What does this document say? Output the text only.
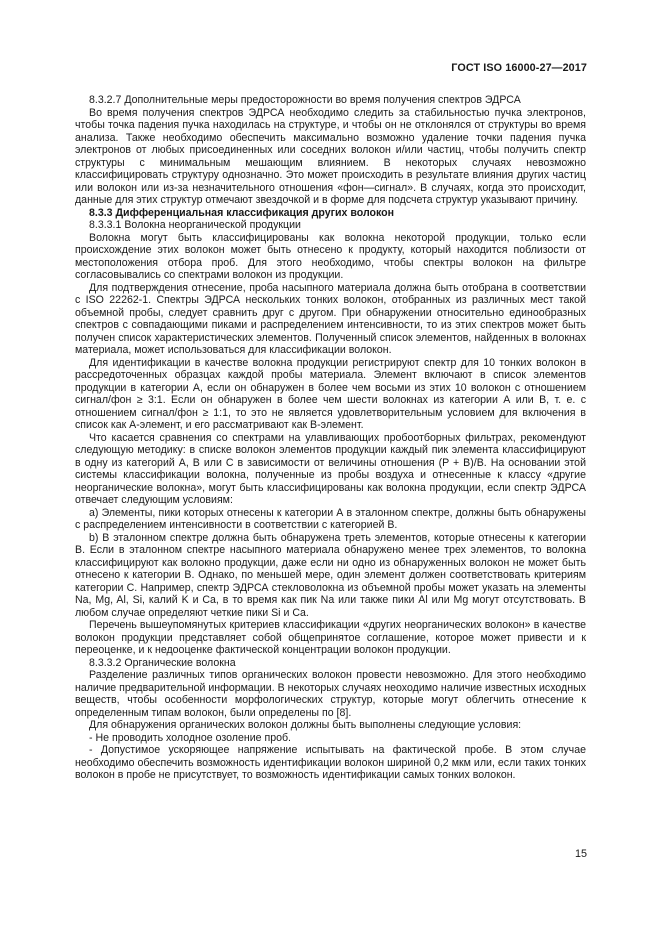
ГОСТ ISO 16000-27—2017

8.3.2.7 Дополнительные меры предосторожности во время получения спектров ЭДРСА

Во время получения спектров ЭДРСА необходимо следить за стабильностью пучка электронов, чтобы точка падения пучка находилась на структуре, и чтобы он не отклонялся от структуры во время анализа. Также необходимо обеспечить максимально возможно удаление точки падения пучка электронов от любых присоединенных или соседних волокон и/или частиц, чтобы получить спектр структуры с минимальным мешающим влиянием. В некоторых случаях невозможно классифицировать структуру однозначно. Это может происходить в результате влияния других частиц или волокон или из-за незначительного отношения «фон—сигнал». В случаях, когда это происходит, данные для этих структур отмечают звездочкой и в форме для подсчета структур указывают причину.

8.3.3 Дифференциальная классификация других волокон

8.3.3.1 Волокна неорганической продукции

Волокна могут быть классифицированы как волокна некоторой продукции, только если происхождение этих волокон может быть отнесено к продукту, который находится поблизости от местоположения отбора проб. Для этого необходимо, чтобы спектры волокон на фильтре согласовывались со спектрами волокон из продукции.

Для подтверждения отнесение, проба насыпного материала должна быть отобрана в соответствии с ISO 22262-1. Спектры ЭДРСА нескольких тонких волокон, отобранных из различных мест такой объемной пробы, следует сравнить друг с другом. При обнаружении относительно единообразных спектров с совпадающими пиками и распределением интенсивности, то из этих спектров может быть получен список характеристических элементов. Полученный список элементов, найденных в волокнах материала, может использоваться для классификации волокон.

Для идентификации в качестве волокна продукции регистрируют спектр для 10 тонких волокон в рассредоточенных образцах каждой пробы материала. Элемент включают в список элементов продукции в категории А, если он обнаружен в более чем восьми из этих 10 волокон с отношением сигнал/фон ≥ 3:1. Если он обнаружен в более чем шести волокнах из категории А или В, т. е. с отношением сигнал/фон ≥ 1:1, то это не является удовлетворительным условием для включения в список как А-элемент, и его рассматривают как В-элемент.

Что касается сравнения со спектрами на улавливающих пробоотборных фильтрах, рекомендуют следующую методику: в списке волокон элементов продукции каждый пик элемента классифицируют в одну из категорий А, В или С в зависимости от величины отношения (P + B)/B. На основании этой системы классификации волокна, полученные из пробы воздуха и отнесенные к классу «другие неорганические волокна», могут быть классифицированы как волокна продукции, если спектр ЭДРСА отвечает следующим условиям:

а) Элементы, пики которых отнесены к категории А в эталонном спектре, должны быть обнаружены с распределением интенсивности в соответствии с категорией В.

b) В эталонном спектре должна быть обнаружена треть элементов, которые отнесены к категории В. Если в эталонном спектре насыпного материала обнаружено менее трех элементов, то волокна классифицируют как волокно продукции, даже если ни одно из обнаруженных волокон не может быть отнесено к категории В. Однако, по меньшей мере, один элемент должен соответствовать критериям категории С. Например, спектр ЭДРСА стекловолокна из объемной пробы может указать на элементы Na, Mg, Al, Si, калий K и Ca, в то время как пик Na или также пики Al или Mg могут отсутствовать. В любом случае определяют четкие пики Si и Ca.

Перечень вышеупомянутых критериев классификации «других неорганических волокон» в качестве волокон продукции представляет собой общепринятое соглашение, которое может привести и к переоценке, и к недооценке фактической концентрации волокон продукции.

8.3.3.2 Органические волокна

Разделение различных типов органических волокон провести невозможно. Для этого необходимо наличие предварительной информации. В некоторых случаях неоходимо наличие известных исходных веществ, чтобы особенности морфологических структур, которые могут облегчить отнесение к определенным типам волокон, были определены по [8].

Для обнаружения органических волокон должны быть выполнены следующие условия:

- Не проводить холодное озоление проб.

- Допустимое ускоряющее напряжение испытывать на фактической пробе. В этом случае необходимо обеспечить возможность идентификации волокон шириной 0,2 мкм или, если таких тонких волокон в пробе не присутствует, то возможность идентификации самых тонких волокон.

15
